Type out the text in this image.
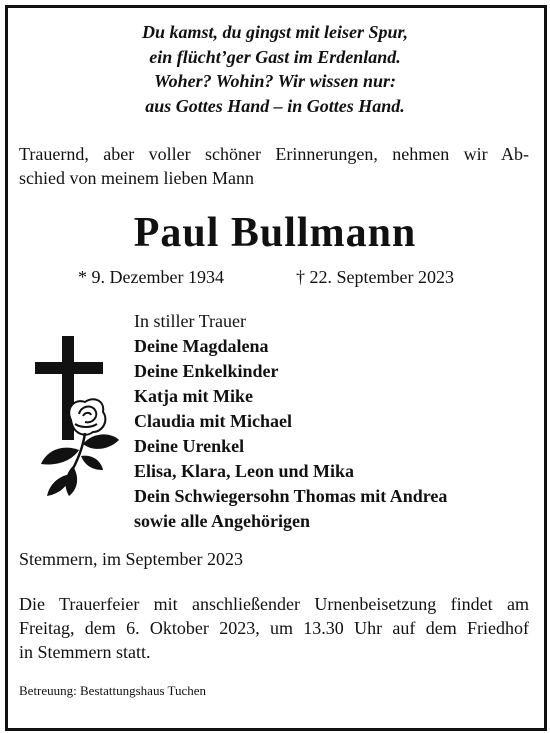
Du kamst, du gingst mit leiser Spur,
ein flücht’ger Gast im Erdenland.
Woher? Wohin? Wir wissen nur:
aus Gottes Hand – in Gottes Hand.
Trauernd, aber voller schöner Erinnerungen, nehmen wir Ab-
schied von meinem lieben Mann
Paul Bullmann
* 9. Dezember 1934	† 22. September 2023
In stiller Trauer
Deine Magdalena
Deine Enkelkinder
Katja mit Mike
Claudia mit Michael
Deine Urenkel
Elisa, Klara, Leon und Mika
Dein Schwiegersohn Thomas mit Andrea
sowie alle Angehörigen
Stemmern, im September 2023
Die Trauerfeier mit anschließender Urnenbeisetzung findet am
Freitag, dem 6. Oktober 2023, um 13.30 Uhr auf dem Friedhof
in Stemmern statt.
Betreuung: Bestattungshaus Tuchen
